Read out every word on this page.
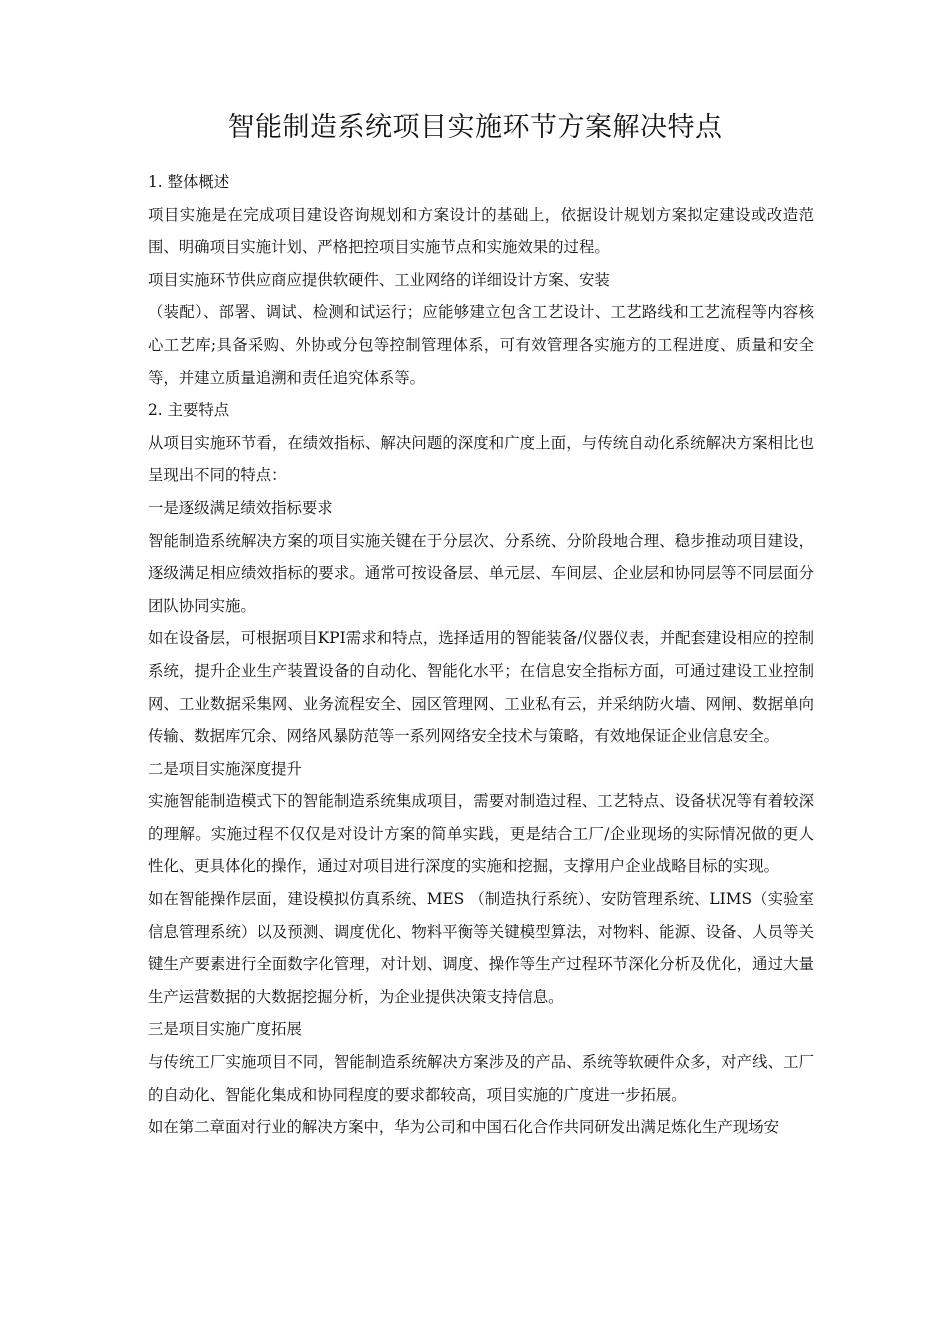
智能制造系统项目实施环节方案解决特点

1. 整体概述

项目实施是在完成项目建设咨询规划和方案设计的基础上，依据设计规划方案拟定建设或改造范围、明确项目实施计划、严格把控项目实施节点和实施效果的过程。

项目实施环节供应商应提供软硬件、工业网络的详细设计方案、安装

（装配）、部署、调试、检测和试运行；应能够建立包含工艺设计、工艺路线和工艺流程等内容核心工艺库;具备采购、外协或分包等控制管理体系，可有效管理各实施方的工程进度、质量和安全等，并建立质量追溯和责任追究体系等。

2. 主要特点

从项目实施环节看，在绩效指标、解决问题的深度和广度上面，与传统自动化系统解决方案相比也呈现出不同的特点：

一是逐级满足绩效指标要求

智能制造系统解决方案的项目实施关键在于分层次、分系统、分阶段地合理、稳步推动项目建设，逐级满足相应绩效指标的要求。通常可按设备层、单元层、车间层、企业层和协同层等不同层面分团队协同实施。

如在设备层，可根据项目KPI需求和特点，选择适用的智能装备/仪器仪表，并配套建设相应的控制系统，提升企业生产装置设备的自动化、智能化水平；在信息安全指标方面，可通过建设工业控制网、工业数据采集网、业务流程安全、园区管理网、工业私有云，并采纳防火墙、网闸、数据单向传输、数据库冗余、网络风暴防范等一系列网络安全技术与策略，有效地保证企业信息安全。

二是项目实施深度提升

实施智能制造模式下的智能制造系统集成项目，需要对制造过程、工艺特点、设备状况等有着较深的理解。实施过程不仅仅是对设计方案的简单实践，更是结合工厂/企业现场的实际情况做的更人性化、更具体化的操作，通过对项目进行深度的实施和挖掘，支撑用户企业战略目标的实现。

如在智能操作层面，建设模拟仿真系统、MES （制造执行系统）、安防管理系统、LIMS（实验室信息管理系统）以及预测、调度优化、物料平衡等关键模型算法，对物料、能源、设备、人员等关键生产要素进行全面数字化管理，对计划、调度、操作等生产过程环节深化分析及优化，通过大量生产运营数据的大数据挖掘分析，为企业提供决策支持信息。

三是项目实施广度拓展

与传统工厂实施项目不同，智能制造系统解决方案涉及的产品、系统等软硬件众多，对产线、工厂的自动化、智能化集成和协同程度的要求都较高，项目实施的广度进一步拓展。

如在第二章面对行业的解决方案中，华为公司和中国石化合作共同研发出满足炼化生产现场安
